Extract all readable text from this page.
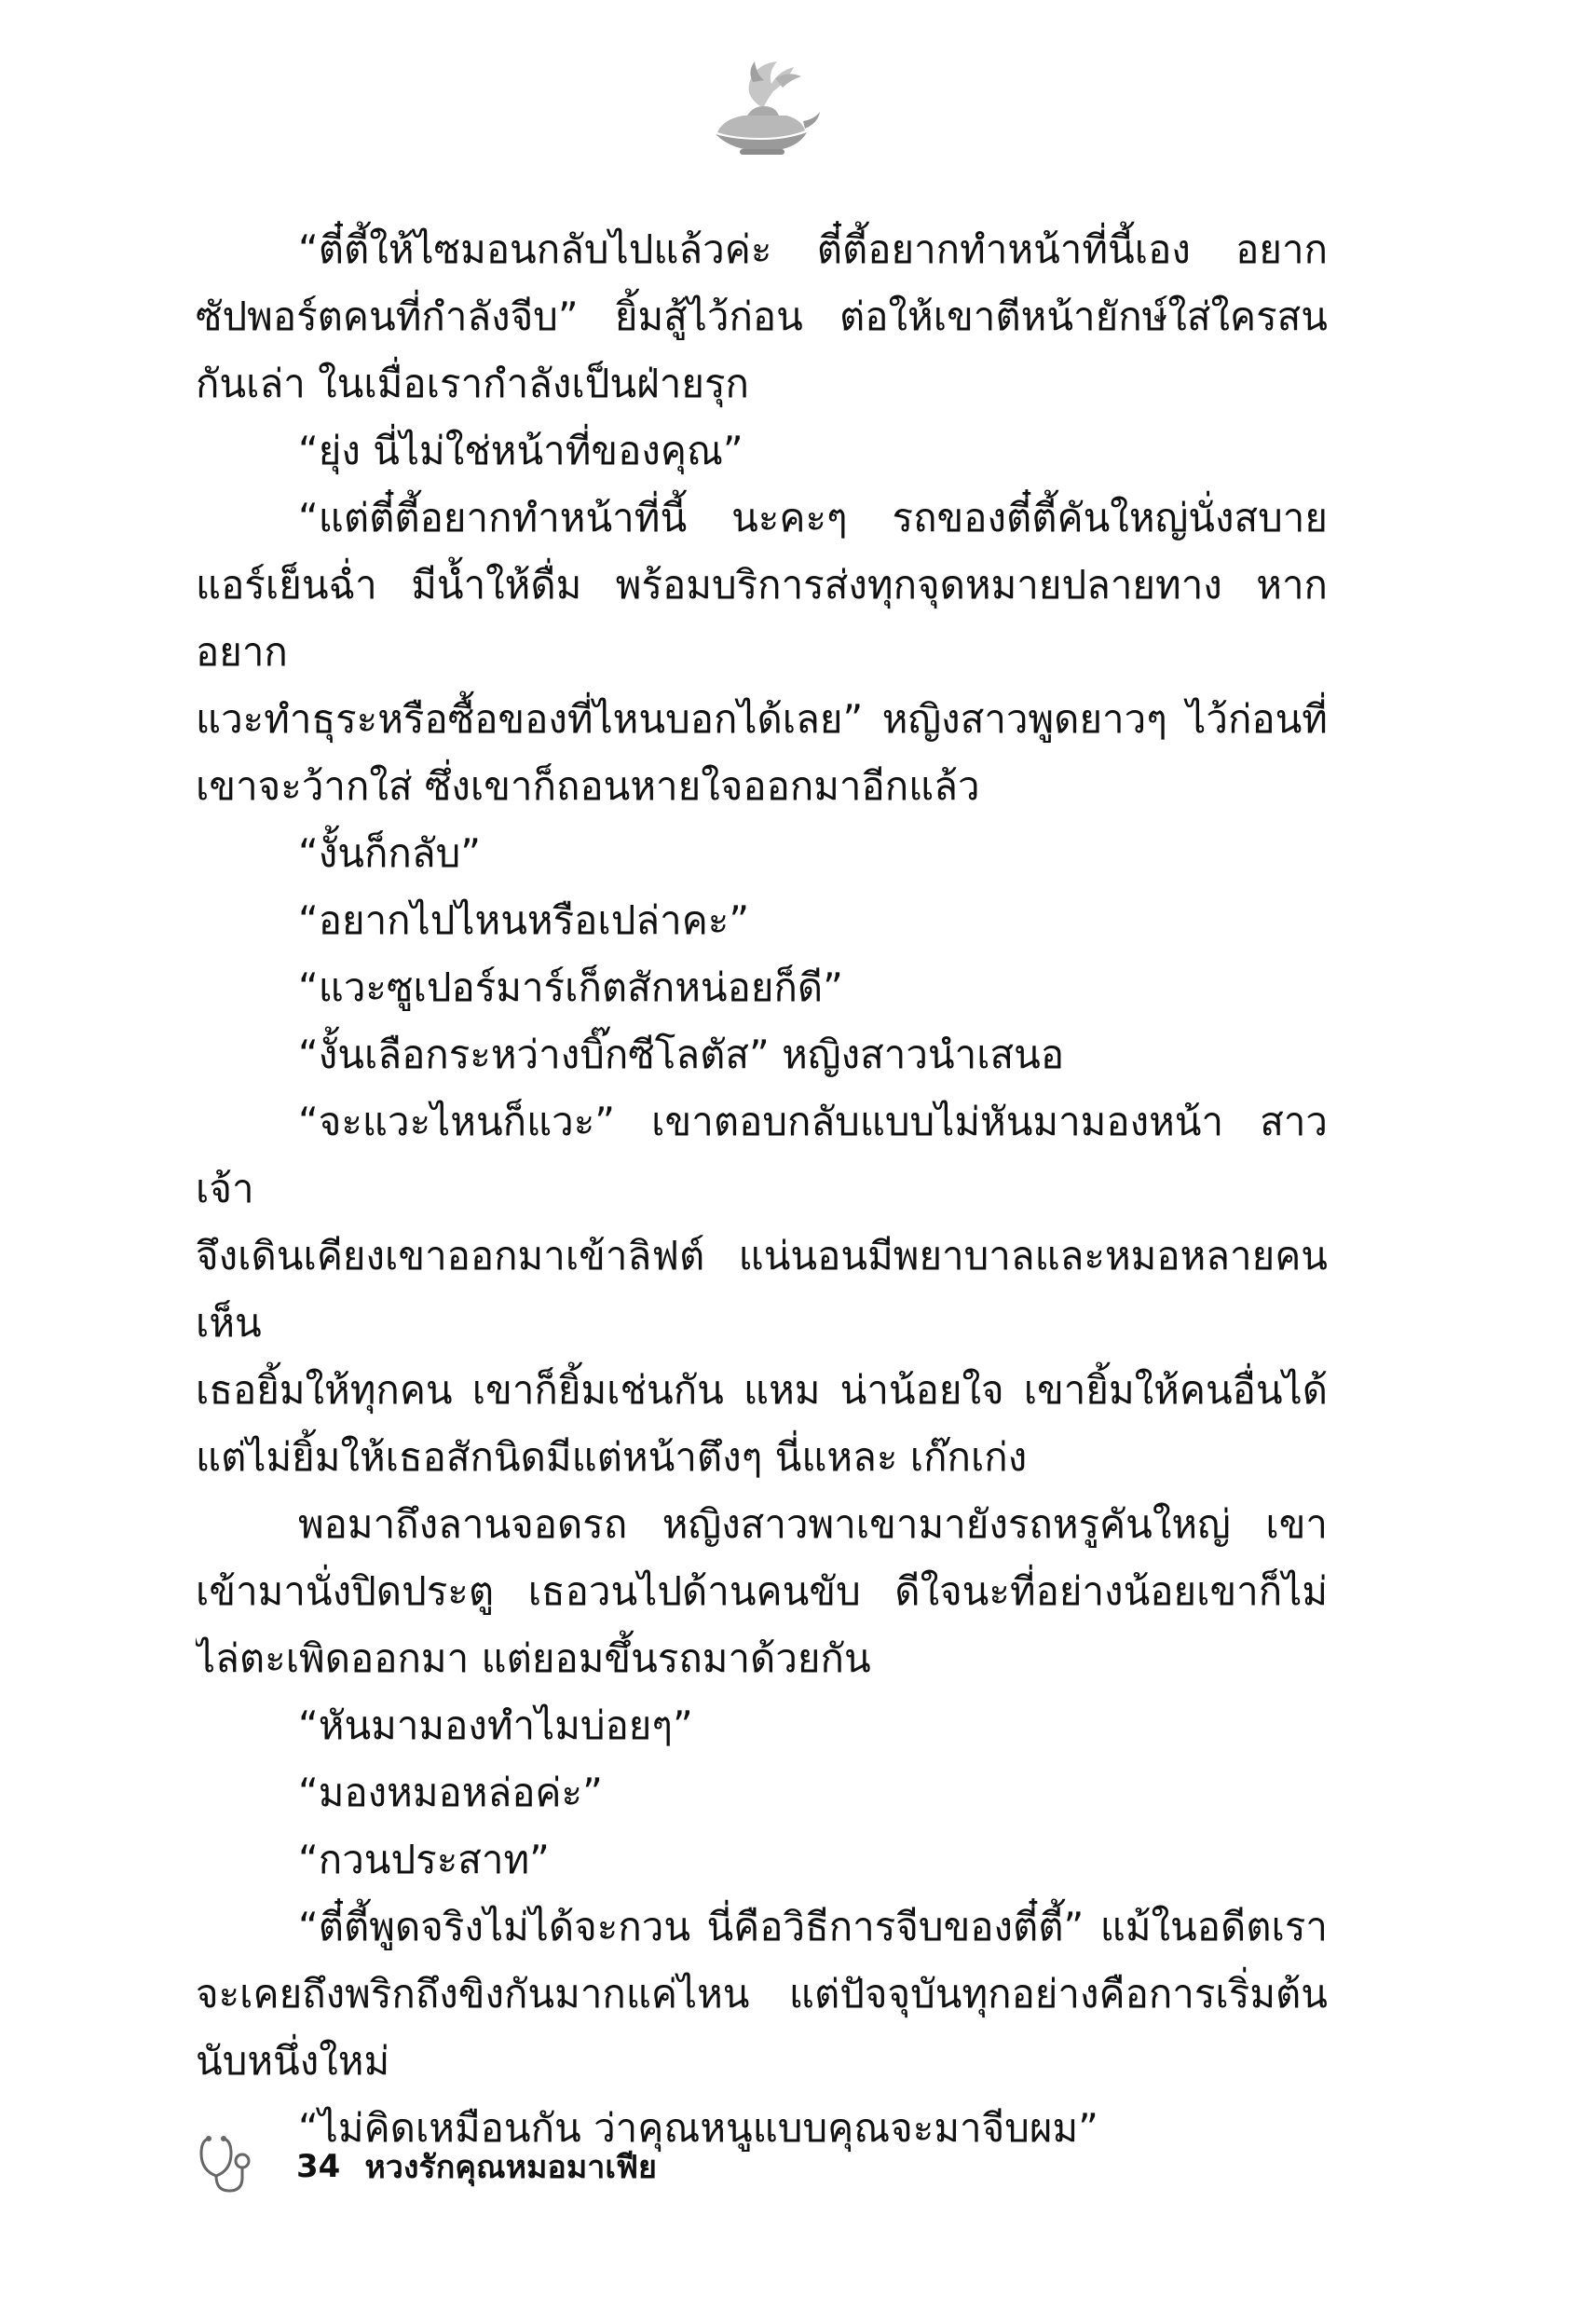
“ตี๋ตี้ให้ไซมอนกลับไปแล้วค่ะ ตี๋ตี้อยากทำหน้าที่นี้เอง อยาก

ซัปพอร์ตคนที่กำลังจีบ” ยิ้มสู้ไว้ก่อน ต่อให้เขาตีหน้ายักษ์ใส่ใครสน

กันเล่า ในเมื่อเรากำลังเป็นฝ่ายรุก

“ยุ่ง นี่ไม่ใช่หน้าที่ของคุณ”

“แต่ตี๋ตี้อยากทำหน้าที่นี้ นะคะๆ รถของตี๋ตี้คันใหญ่นั่งสบาย

แอร์เย็นฉ่ำ มีน้ำให้ดื่ม พร้อมบริการส่งทุกจุดหมายปลายทาง หากอยาก

แวะทำธุระหรือซื้อของที่ไหนบอกได้เลย” หญิงสาวพูดยาวๆ ไว้ก่อนที่

เขาจะว้ากใส่ ซึ่งเขาก็ถอนหายใจออกมาอีกแล้ว

“งั้นก็กลับ”

“อยากไปไหนหรือเปล่าคะ”

“แวะซูเปอร์มาร์เก็ตสักหน่อยก็ดี”

“งั้นเลือกระหว่างบิ๊กซีโลตัส” หญิงสาวนำเสนอ

“จะแวะไหนก็แวะ” เขาตอบกลับแบบไม่หันมามองหน้า สาวเจ้า

จึงเดินเคียงเขาออกมาเข้าลิฟต์ แน่นอนมีพยาบาลและหมอหลายคนเห็น

เธอยิ้มให้ทุกคน เขาก็ยิ้มเช่นกัน แหม น่าน้อยใจ เขายิ้มให้คนอื่นได้

แต่ไม่ยิ้มให้เธอสักนิดมีแต่หน้าตึงๆ นี่แหละ เก๊กเก่ง

พอมาถึงลานจอดรถ หญิงสาวพาเขามายังรถหรูคันใหญ่ เขา

เข้ามานั่งปิดประตู เธอวนไปด้านคนขับ ดีใจนะที่อย่างน้อยเขาก็ไม่

ไล่ตะเพิดออกมา แต่ยอมขึ้นรถมาด้วยกัน

“หันมามองทำไมบ่อยๆ”

“มองหมอหล่อค่ะ”

“กวนประสาท”

“ตี๋ตี้พูดจริงไม่ได้จะกวน นี่คือวิธีการจีบของตี๋ตี้” แม้ในอดีตเรา

จะเคยถึงพริกถึงขิงกันมากแค่ไหน แต่ปัจจุบันทุกอย่างคือการเริ่มต้น

นับหนึ่งใหม่

“ไม่คิดเหมือนกัน ว่าคุณหนูแบบคุณจะมาจีบผม”

34 หวงรักคุณหมอมาเฟีย
